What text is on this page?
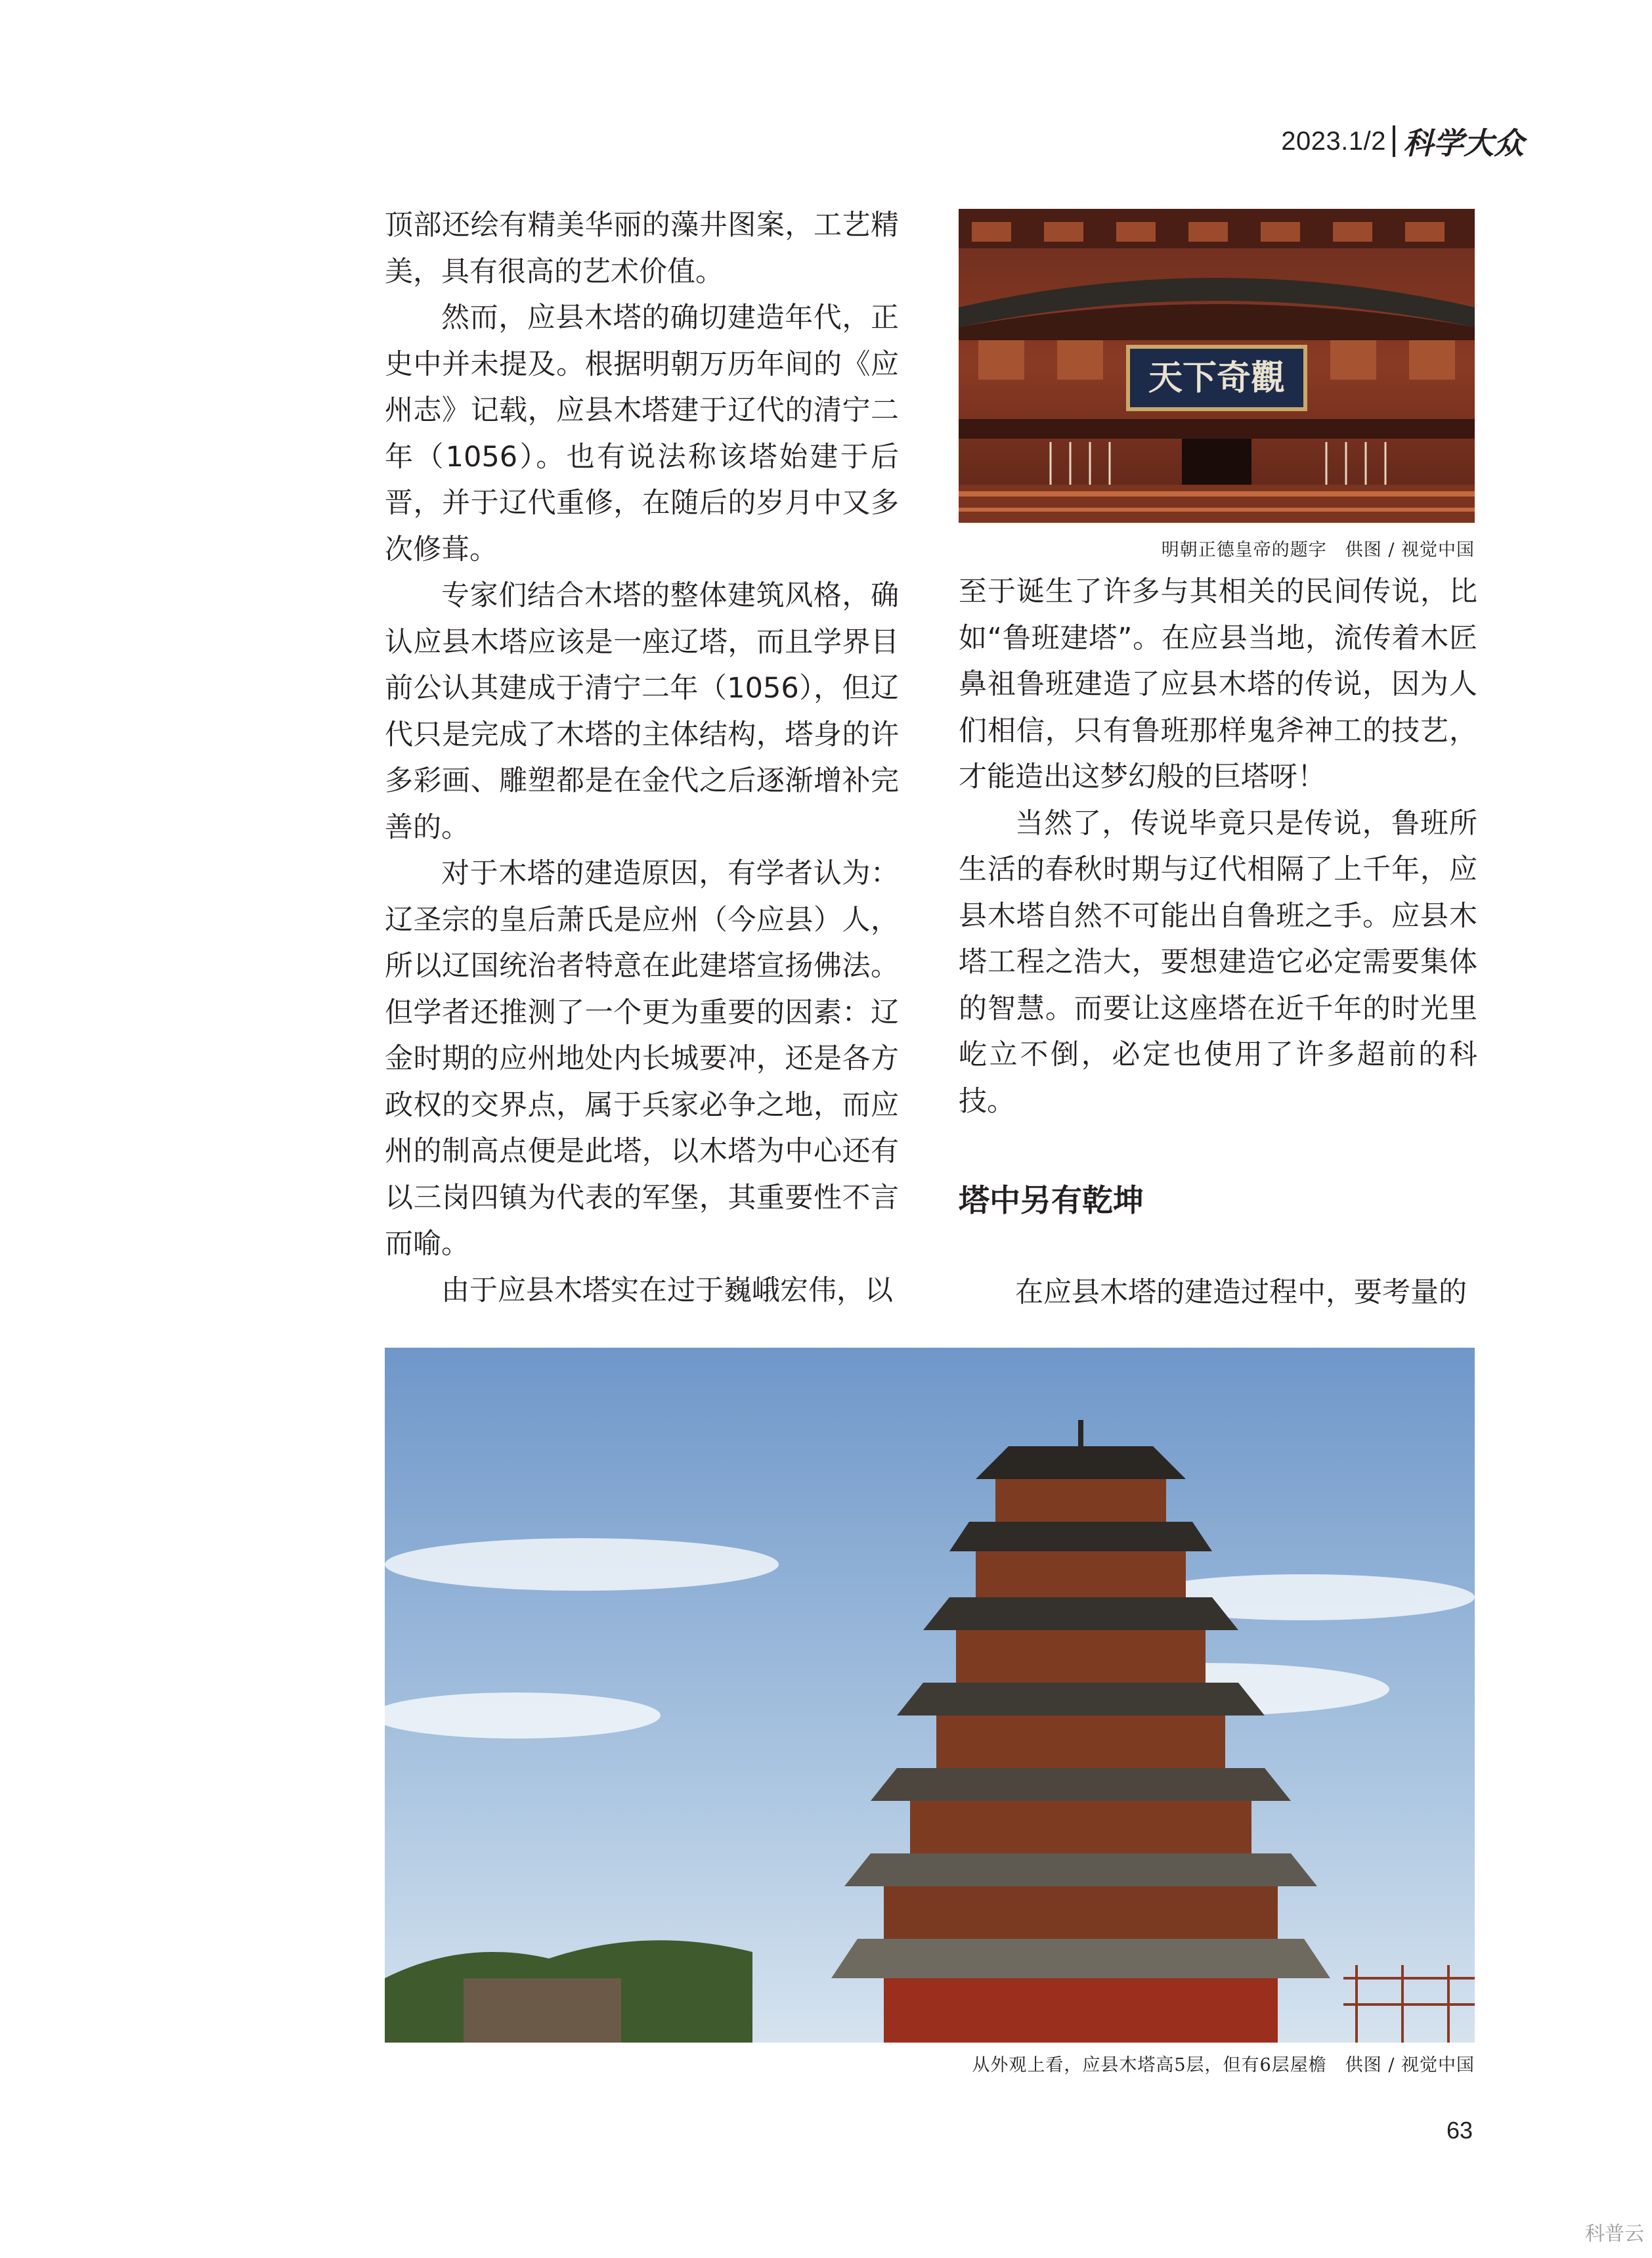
2023.1/2 科学大众

顶部还绘有精美华丽的藻井图案，工艺精美，具有很高的艺术价值。

然而，应县木塔的确切建造年代，正史中并未提及。根据明朝万历年间的《应州志》记载，应县木塔建于辽代的清宁二年（1056）。也有说法称该塔始建于后晋，并于辽代重修，在随后的岁月中又多次修葺。

专家们结合木塔的整体建筑风格，确认应县木塔应该是一座辽塔，而且学界目前公认其建成于清宁二年（1056），但辽代只是完成了木塔的主体结构，塔身的许多彩画、雕塑都是在金代之后逐渐增补完善的。

对于木塔的建造原因，有学者认为：辽圣宗的皇后萧氏是应州（今应县）人，所以辽国统治者特意在此建塔宣扬佛法。但学者还推测了一个更为重要的因素：辽金时期的应州地处内长城要冲，还是各方政权的交界点，属于兵家必争之地，而应州的制高点便是此塔，以木塔为中心还有以三岗四镇为代表的军堡，其重要性不言而喻。

由于应县木塔实在过于巍峨宏伟，以

天下奇觀
明朝正德皇帝的题字　供图 / 视觉中国

至于诞生了许多与其相关的民间传说，比如“鲁班建塔”。在应县当地，流传着木匠鼻祖鲁班建造了应县木塔的传说，因为人们相信，只有鲁班那样鬼斧神工的技艺，才能造出这梦幻般的巨塔呀！

当然了，传说毕竟只是传说，鲁班所生活的春秋时期与辽代相隔了上千年，应县木塔自然不可能出自鲁班之手。应县木塔工程之浩大，要想建造它必定需要集体的智慧。而要让这座塔在近千年的时光里屹立不倒，必定也使用了许多超前的科技。

塔中另有乾坤
在应县木塔的建造过程中，要考量的
从外观上看，应县木塔高5层，但有6层屋檐　供图 / 视觉中国
63
科普云
